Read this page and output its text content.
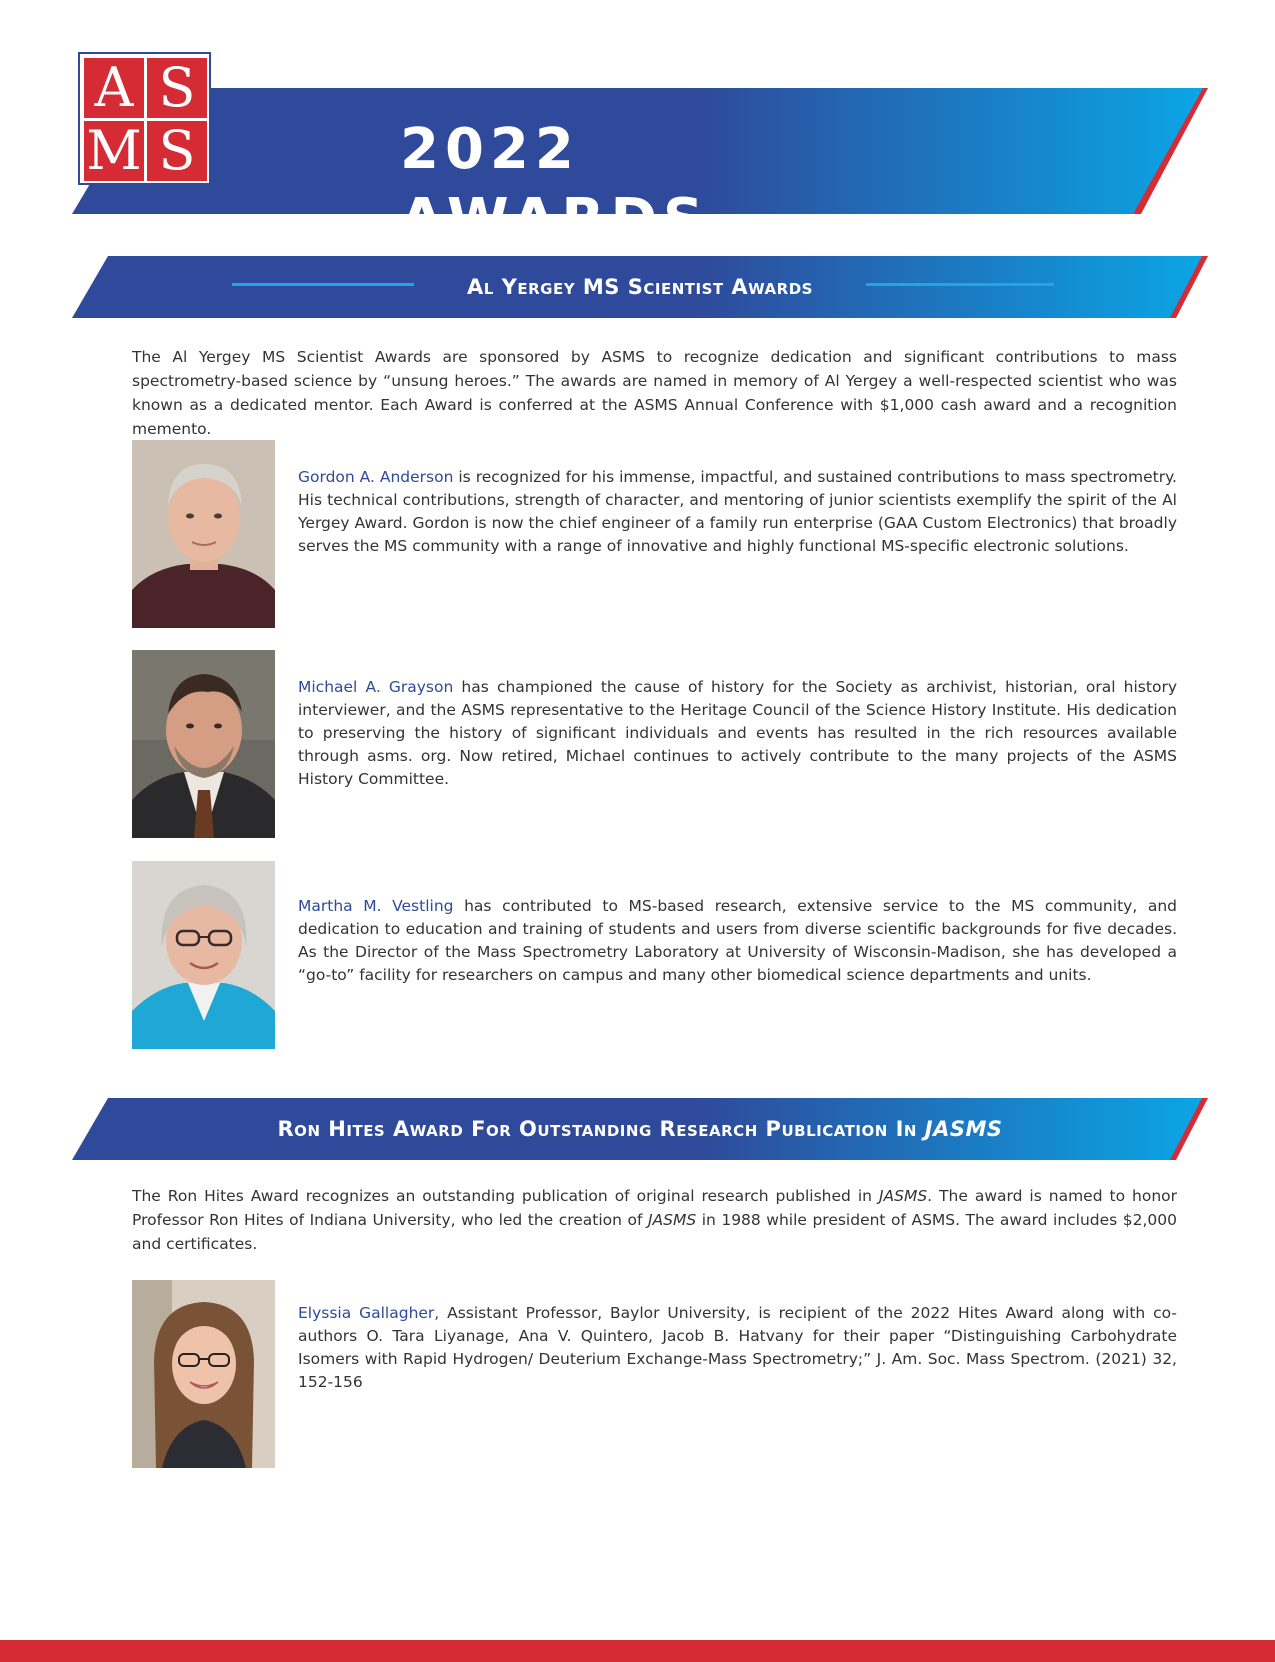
A S
M S	2022 AWARDS
Al Yergey MS Scientist Awards
The Al Yergey MS Scientist Awards are sponsored by ASMS to recognize dedication and significant contributions to mass spectrometry-based science by “unsung heroes.” The awards are named in memory of Al Yergey a well-respected scientist who was known as a dedicated mentor. Each Award is conferred at the ASMS Annual Conference with $1,000 cash award and a recognition memento.
Gordon A. Anderson is recognized for his immense, impactful, and sustained contributions to mass spectrometry. His technical contributions, strength of character, and mentoring of junior scientists exemplify the spirit of the Al Yergey Award. Gordon is now the chief engineer of a family run enterprise (GAA Custom Electronics) that broadly serves the MS community with a range of innovative and highly functional MS-specific electronic solutions.
Michael A. Grayson has championed the cause of history for the Society as archivist, historian, oral history interviewer, and the ASMS representative to the Heritage Council of the Science History Institute. His dedication to preserving the history of significant individuals and events has resulted in the rich resources available through asms. org. Now retired, Michael continues to actively contribute to the many projects of the ASMS History Committee.
Martha M. Vestling has contributed to MS-based research, extensive service to the MS community, and dedication to education and training of students and users from diverse scientific backgrounds for five decades. As the Director of the Mass Spectrometry Laboratory at University of Wisconsin-Madison, she has developed a “go-to” facility for researchers on campus and many other biomedical science departments and units.
Ron Hites Award For Outstanding Research Publication In JASMS
The Ron Hites Award recognizes an outstanding publication of original research published in JASMS. The award is named to honor Professor Ron Hites of Indiana University, who led the creation of JASMS in 1988 while president of ASMS. The award includes $2,000 and certificates.
Elyssia Gallagher, Assistant Professor, Baylor University, is recipient of the 2022 Hites Award along with co-authors O. Tara Liyanage, Ana V. Quintero, Jacob B. Hatvany for their paper “Distinguishing Carbohydrate Isomers with Rapid Hydrogen/ Deuterium Exchange-Mass Spectrometry;” J. Am. Soc. Mass Spectrom. (2021) 32, 152-156
